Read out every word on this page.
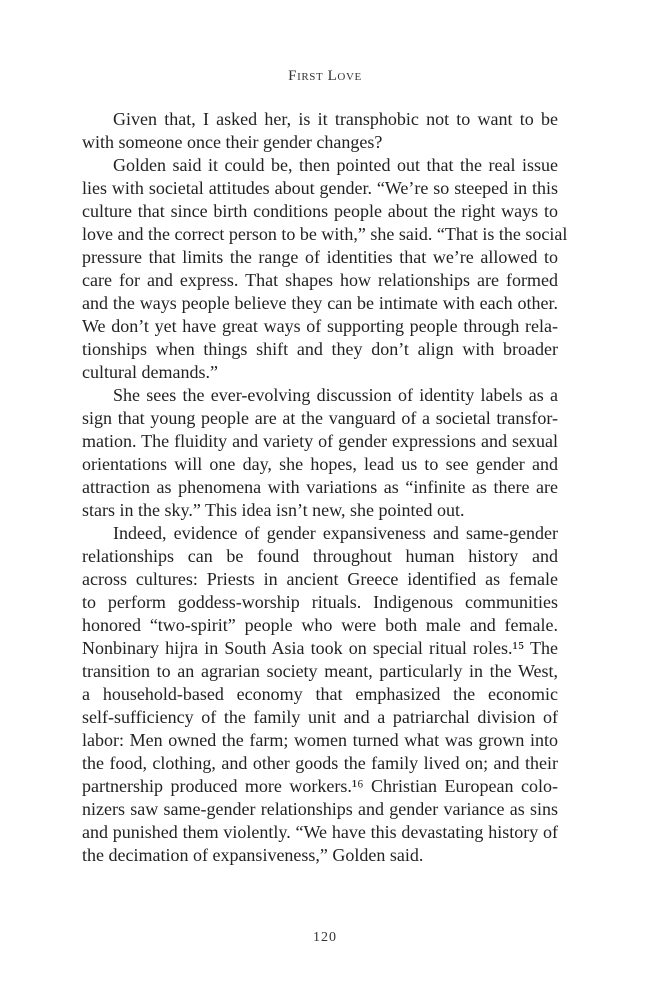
First Love
Given that, I asked her, is it transphobic not to want to be
with someone once their gender changes?
Golden said it could be, then pointed out that the real issue
lies with societal attitudes about gender. “We’re so steeped in this
culture that since birth conditions people about the right ways to
love and the correct person to be with,” she said. “That is the social
pressure that limits the range of identities that we’re allowed to
care for and express. That shapes how relationships are formed
and the ways people believe they can be intimate with each other.
We don’t yet have great ways of supporting people through rela-
tionships when things shift and they don’t align with broader
cultural demands.”
She sees the ever-evolving discussion of identity labels as a
sign that young people are at the vanguard of a societal transfor-
mation. The fluidity and variety of gender expressions and sexual
orientations will one day, she hopes, lead us to see gender and
attraction as phenomena with variations as “infinite as there are
stars in the sky.” This idea isn’t new, she pointed out.
Indeed, evidence of gender expansiveness and same-gender
relationships can be found throughout human history and
across cultures: Priests in ancient Greece identified as female
to perform goddess-worship rituals. Indigenous communities
honored “two-spirit” people who were both male and female.
Nonbinary hijra in South Asia took on special ritual roles.¹⁵ The
transition to an agrarian society meant, particularly in the West,
a household-based economy that emphasized the economic
self-sufficiency of the family unit and a patriarchal division of
labor: Men owned the farm; women turned what was grown into
the food, clothing, and other goods the family lived on; and their
partnership produced more workers.¹⁶ Christian European colo-
nizers saw same-gender relationships and gender variance as sins
and punished them violently. “We have this devastating history of
the decimation of expansiveness,” Golden said.
120
